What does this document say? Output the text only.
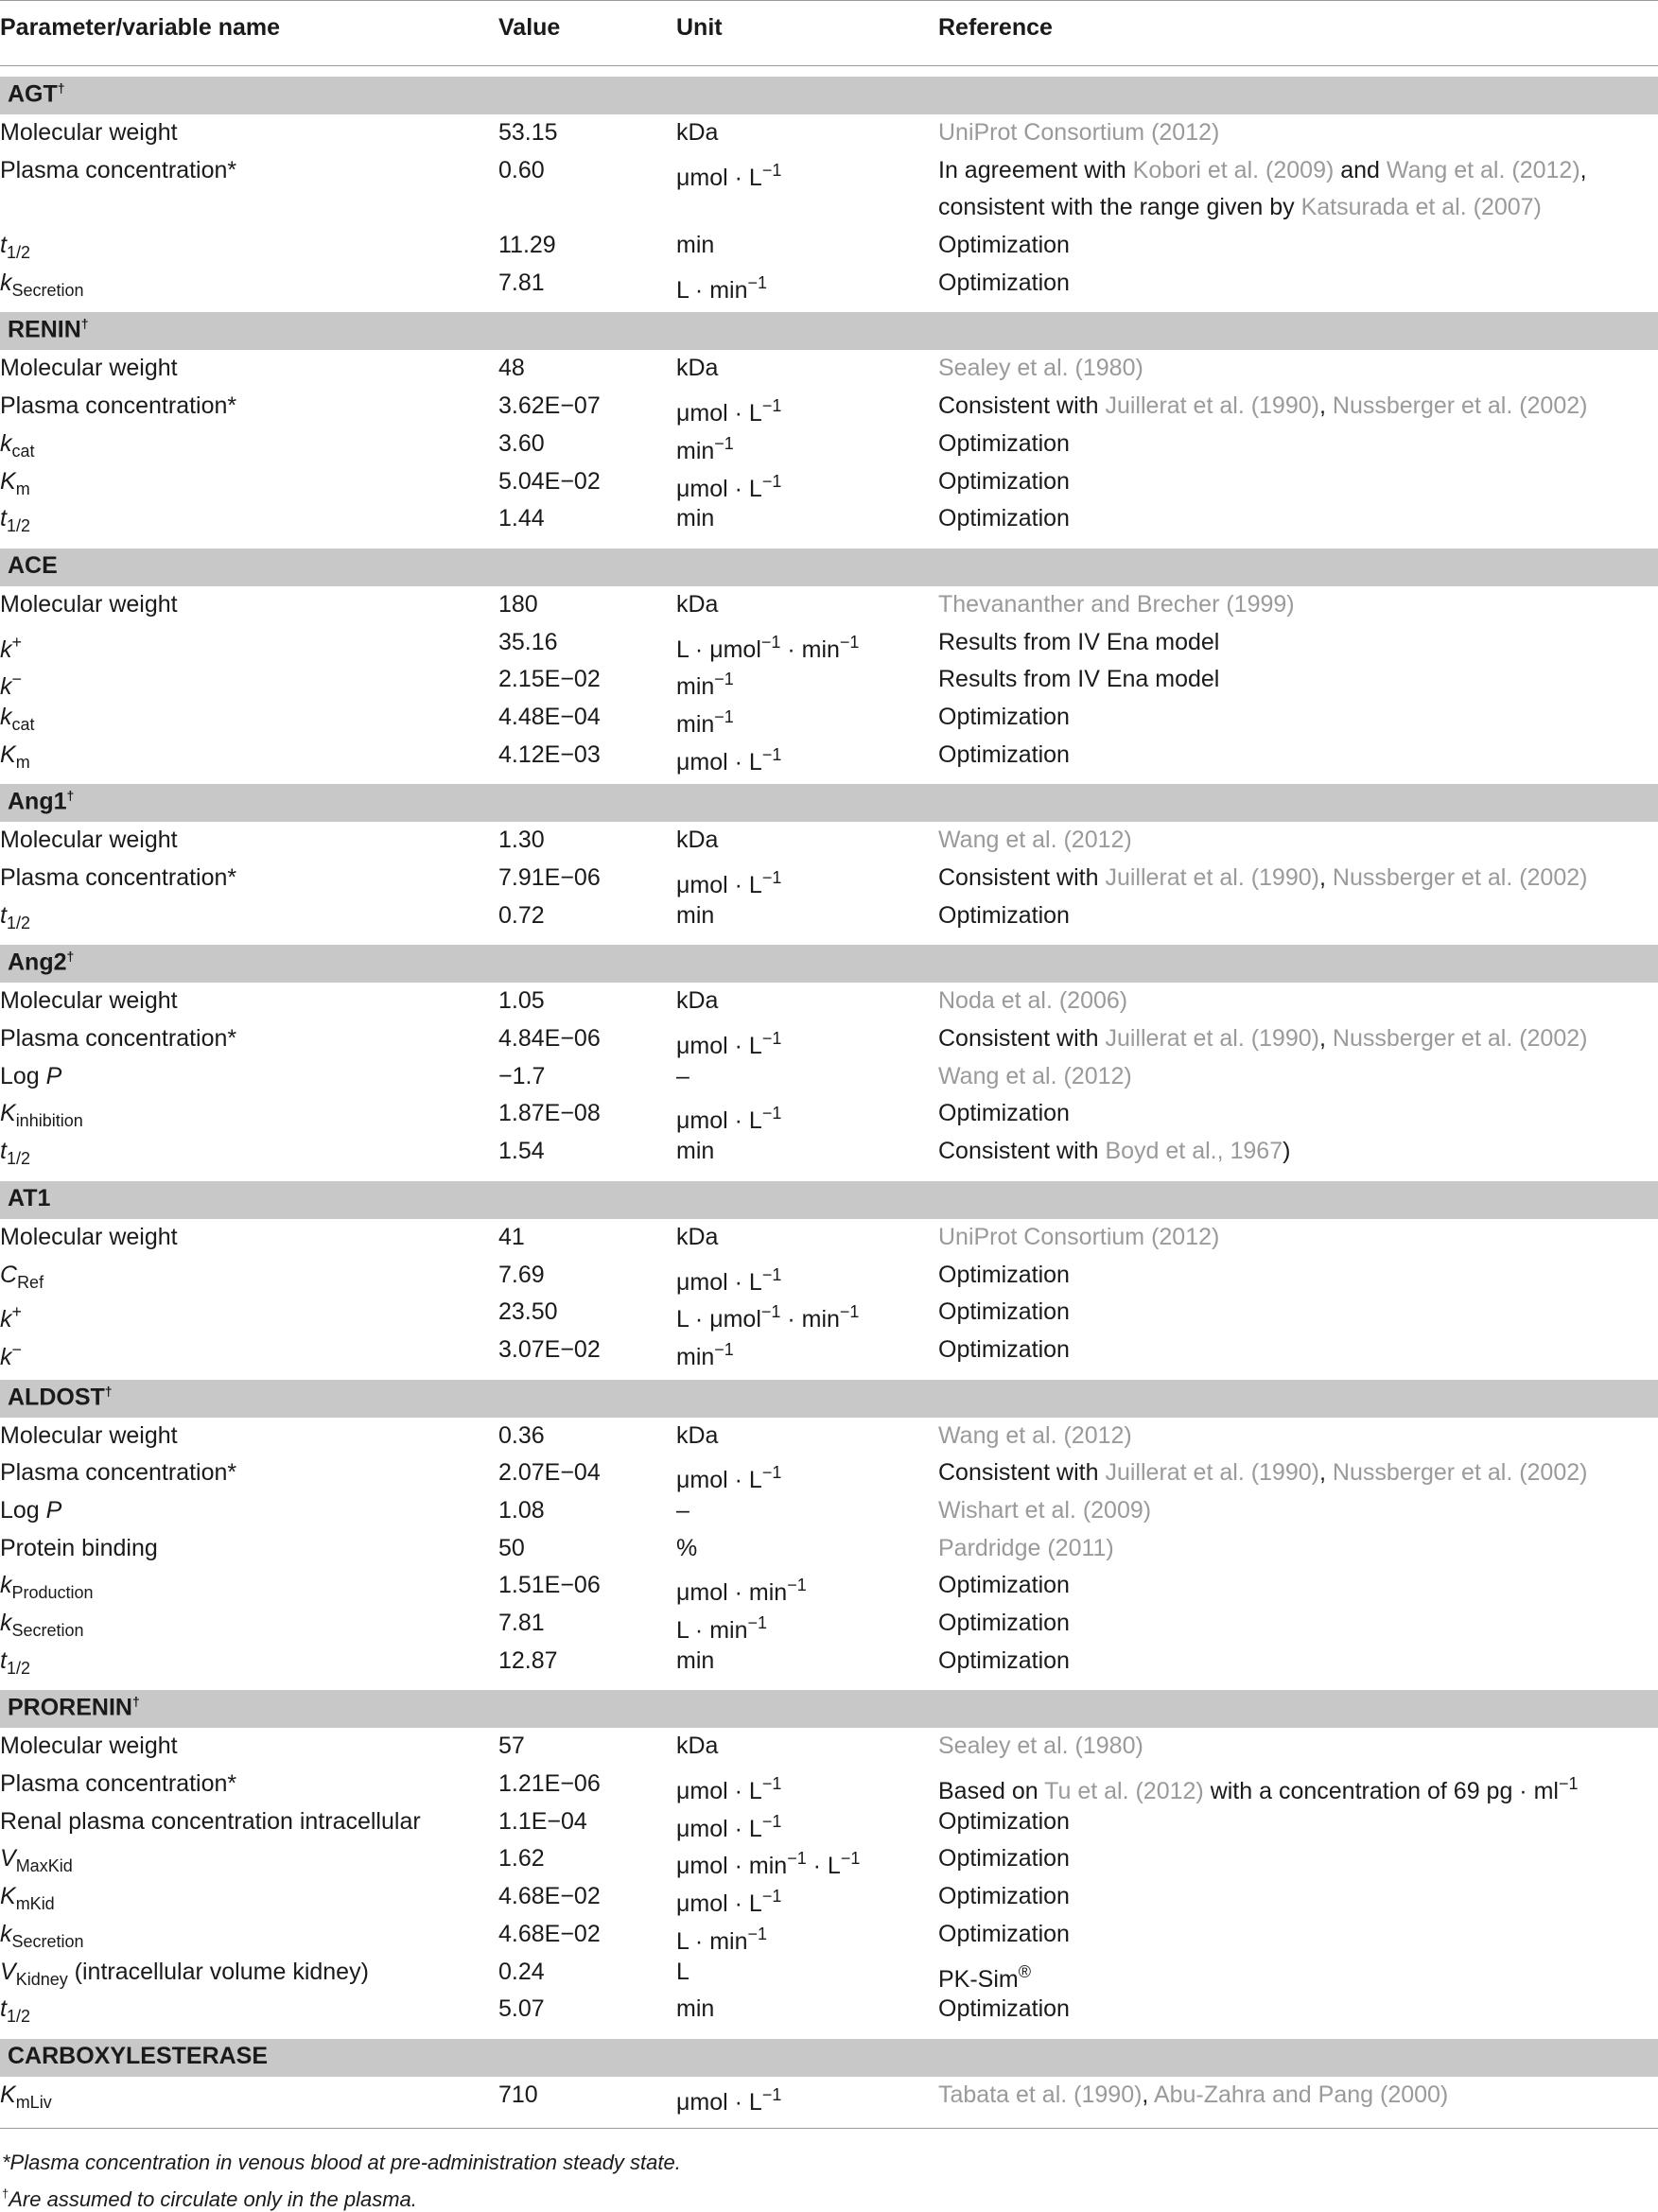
Parameter/variable name	Value	Unit	Reference
AGT†
Molecular weight	53.15	kDa	UniProt Consortium (2012)
Plasma concentration*	0.60	$\mu mol \cdot L^{-1}$	In agreement with Kobori et al. (2009) and Wang et al. (2012),
consistent with the range given by Katsurada et al. (2007)
$t_{1/2}$	11.29	min	Optimization
$k_{Secretion}$	7.81	$L \cdot \min^{-1}$	Optimization
RENIN†
Molecular weight	48	kDa	Sealey et al. (1980)
Plasma concentration*	3.62E−07	$\mu mol \cdot L^{-1}$	Consistent with Juillerat et al. (1990), Nussberger et al. (2002)
$k_{cat}$	3.60	$\min^{-1}$	Optimization
$K_m$	5.04E−02	$\mu mol \cdot L^{-1}$	Optimization
$t_{1/2}$	1.44	min	Optimization
ACE
Molecular weight	180	kDa	Thevananther and Brecher (1999)
k+	35.16	$L \cdot \mu mol^{-1} \cdot \min^{-1}$	Results from IV Ena model
k−	2.15E−02	$\min^{-1}$	Results from IV Ena model
$k_{cat}$	4.48E−04	$\min^{-1}$	Optimization
$K_m$	4.12E−03	$\mu mol \cdot L^{-1}$	Optimization
Ang1†
Molecular weight	1.30	kDa	Wang et al. (2012)
Plasma concentration*	7.91E−06	$\mu mol \cdot L^{-1}$	Consistent with Juillerat et al. (1990), Nussberger et al. (2002)
$t_{1/2}$	0.72	min	Optimization
Ang2†
Molecular weight	1.05	kDa	Noda et al. (2006)
Plasma concentration*	4.84E−06	$\mu mol \cdot L^{-1}$	Consistent with Juillerat et al. (1990), Nussberger et al. (2002)
Log P	−1.7	–	Wang et al. (2012)
$K_{inhibition}$	1.87E−08	$\mu mol \cdot L^{-1}$	Optimization
$t_{1/2}$	1.54	min	Consistent with Boyd et al., 1967)
AT1
Molecular weight	41	kDa	UniProt Consortium (2012)
$C_{Ref}$	7.69	$\mu mol \cdot L^{-1}$	Optimization
k+	23.50	$L \cdot \mu mol^{-1} \cdot \min^{-1}$	Optimization
k−	3.07E−02	$\min^{-1}$	Optimization
ALDOST†
Molecular weight	0.36	kDa	Wang et al. (2012)
Plasma concentration*	2.07E−04	$\mu mol \cdot L^{-1}$	Consistent with Juillerat et al. (1990), Nussberger et al. (2002)
Log P	1.08	–	Wishart et al. (2009)
Protein binding	50	%	Pardridge (2011)
$k_{Production}$	1.51E−06	$\mu mol \cdot \min^{-1}$	Optimization
$k_{Secretion}$	7.81	$L \cdot \min^{-1}$	Optimization
$t_{1/2}$	12.87	min	Optimization
PRORENIN†
Molecular weight	57	kDa	Sealey et al. (1980)
Plasma concentration*	1.21E−06	$\mu mol \cdot L^{-1}$	Based on Tu et al. (2012) with a concentration of 69 pg · $ml^{-1}$
Renal plasma concentration intracellular	1.1E−04	$\mu mol \cdot L^{-1}$	Optimization
$V_{MaxKid}$	1.62	$\mu mol \cdot \min^{-1} \cdot L^{-1}$	Optimization
$K_{mKid}$	4.68E−02	$\mu mol \cdot L^{-1}$	Optimization
$k_{Secretion}$	4.68E−02	$L \cdot \min^{-1}$	Optimization
$V_{Kidney}$ (intracellular volume kidney)	0.24	L	PK-Sim®
$t_{1/2}$	5.07	min	Optimization
CARBOXYLESTERASE
$K_{mLiv}$	710	$\mu mol \cdot L^{-1}$	Tabata et al. (1990), Abu-Zahra and Pang (2000)
*Plasma concentration in venous blood at pre-administration steady state.
†Are assumed to circulate only in the plasma.
